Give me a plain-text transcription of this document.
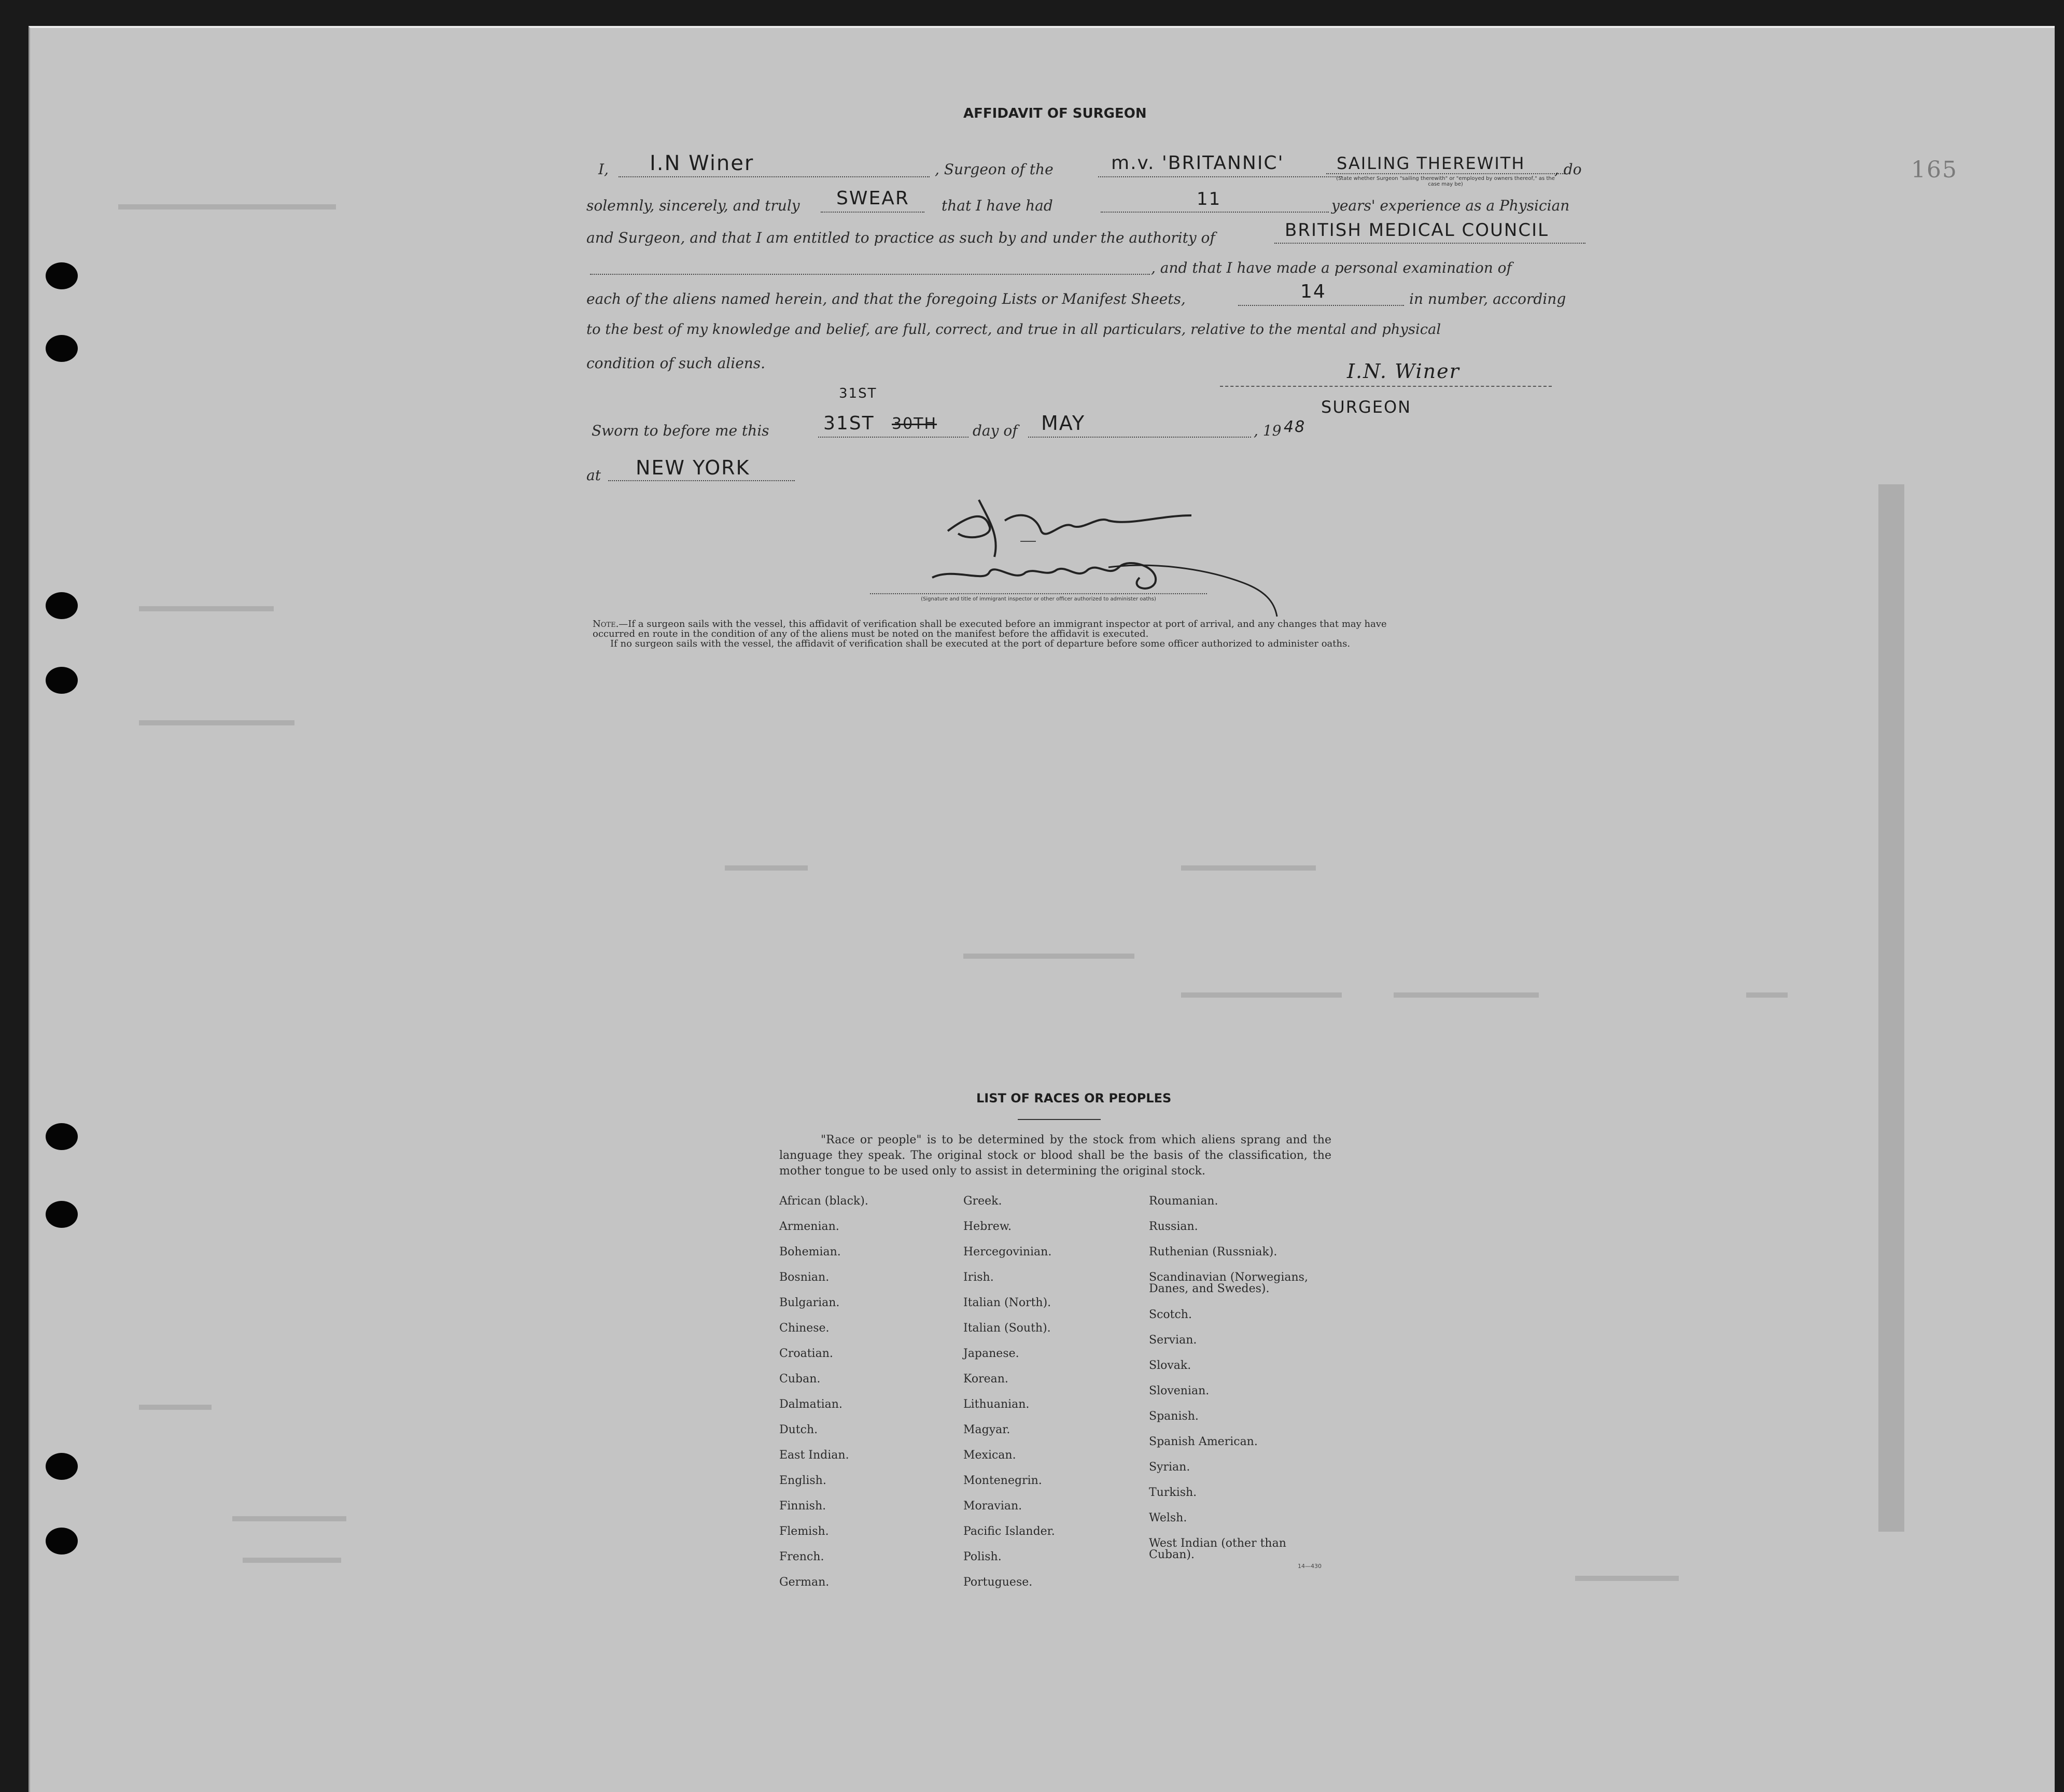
165
AFFIDAVIT OF SURGEON
I, I.N Winer	, Surgeon of the	m.v. 'BRITANNIC'	SAILING THEREWITH
(State whether Surgeon "sailing therewith" or "employed by owners thereof," as the case may be)
, do
solemnly, sincerely, and truly SWEAR that I have had	11	years' experience as a Physician
and Surgeon, and that I am entitled to practice as such by and under the authority of	BRITISH MEDICAL COUNCIL
, and that I have made a personal examination of
each of the aliens named herein, and that the foregoing Lists or Manifest Sheets,	14	in number, according
to the best of my knowledge and belief, are full, correct, and true in all particulars, relative to the mental and physical
condition of such aliens.	I.N. Winer
SURGEON
Sworn to before me this
31ST
31ST 30TH day of MAY	, 19 48
at NEW YORK
(Signature and title of immigrant inspector or other officer authorized to administer oaths)
Note.—If a surgeon sails with the vessel, this affidavit of verification shall be executed before an immigrant inspector at port of arrival, and any changes that may have
occurred en route in the condition of any of the aliens must be noted on the manifest before the affidavit is executed.
If no surgeon sails with the vessel, the affidavit of verification shall be executed at the port of departure before some officer authorized to administer oaths.
LIST OF RACES OR PEOPLES
"Race or people" is to be determined by the stock from which aliens sprang and the language they speak. The original stock or blood shall be the basis of the classification, the mother tongue to be used only to assist in determining the original stock.
African (black).
Armenian.
Bohemian.
Bosnian.
Bulgarian.
Chinese.
Croatian.
Cuban.
Dalmatian.
Dutch.
East Indian.
English.
Finnish.
Flemish.
French.
German.
Greek.
Hebrew.
Hercegovinian.
Irish.
Italian (North).
Italian (South).
Japanese.
Korean.
Lithuanian.
Magyar.
Mexican.
Montenegrin.
Moravian.
Pacific Islander.
Polish.
Portuguese.
Roumanian.
Russian.
Ruthenian (Russniak).
Scandinavian (Norwegians, Danes, and Swedes).
Scotch.
Servian.
Slovak.
Slovenian.
Spanish.
Spanish American.
Syrian.
Turkish.
Welsh.
West Indian (other than Cuban).
14—430
